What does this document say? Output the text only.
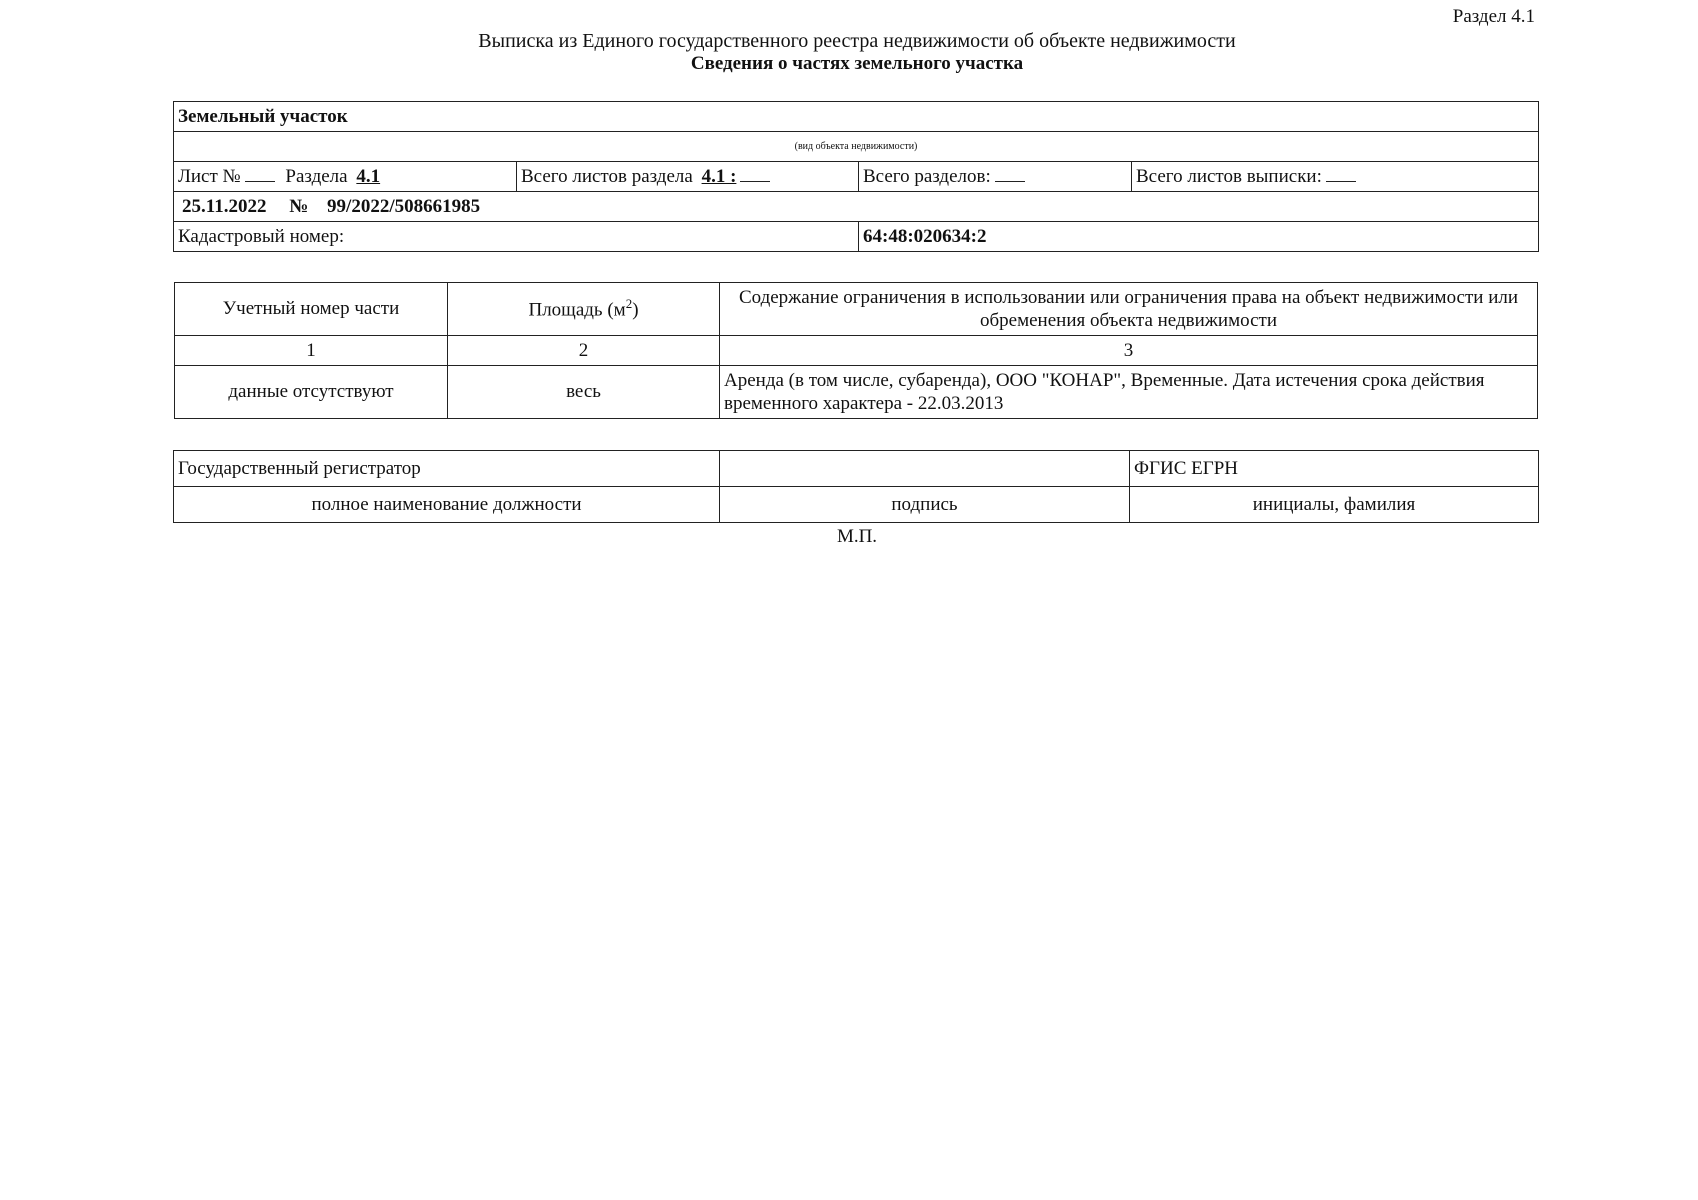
Раздел 4.1
Выписка из Единого государственного реестра недвижимости об объекте недвижимости
Сведения о частях земельного участка
Земельный участок			
(вид объекта недвижимости)			
Лист № Раздела 4.1	Всего листов раздела 4.1 :	Всего разделов:	Всего листов выписки:
25.11.2022 № 99/2022/508661985			
Кадастровый номер:		64:48:020634:2	
Учетный номер части	Площадь $(м^2)$	Содержание ограничения в использовании или ограничения права на объект недвижимости или обременения объекта недвижимости
1	2	3
данные отсутствуют	весь	Аренда (в том числе, субаренда), ООО "КОНАР", Временные. Дата истечения срока действия временного характера - 22.03.2013
Государственный регистратор		ФГИС ЕГРН
полное наименование должности	подпись	инициалы, фамилия
М.П.
